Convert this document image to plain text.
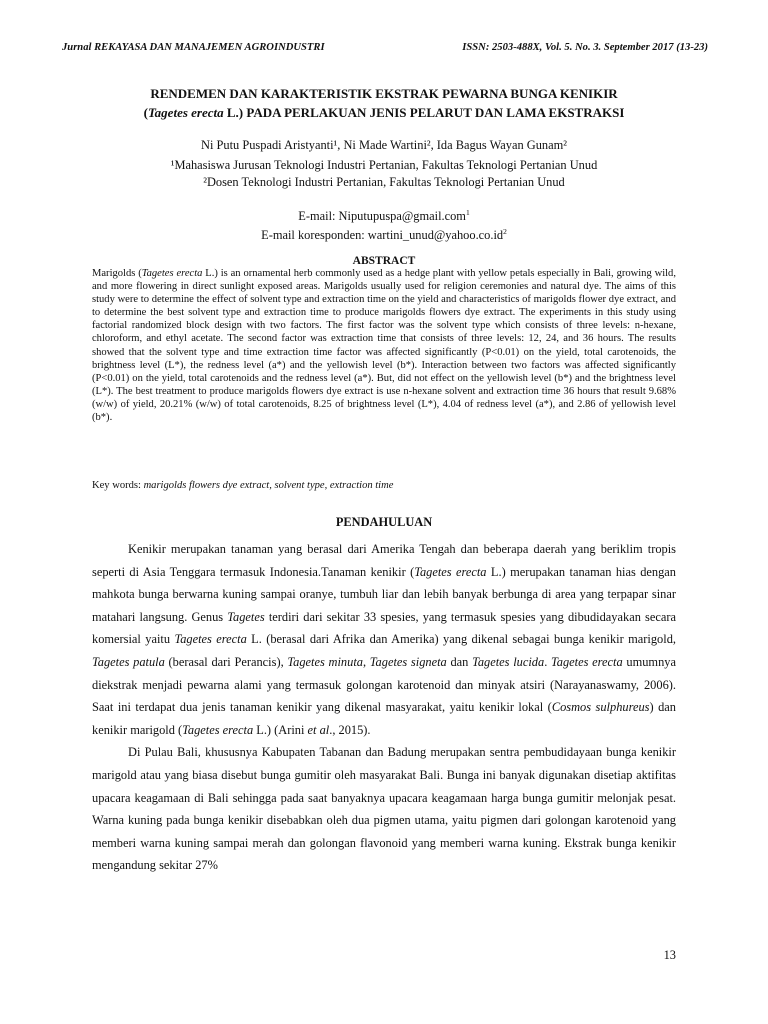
Jurnal REKAYASA DAN MANAJEMEN AGROINDUSTRI	ISSN: 2503-488X, Vol. 5. No. 3. September 2017 (13-23)
RENDEMEN DAN KARAKTERISTIK EKSTRAK PEWARNA BUNGA KENIKIR
(Tagetes erecta L.) PADA PERLAKUAN JENIS PELARUT DAN LAMA EKSTRAKSI
Ni Putu Puspadi Aristyanti¹, Ni Made Wartini², Ida Bagus Wayan Gunam²
¹Mahasiswa Jurusan Teknologi Industri Pertanian, Fakultas Teknologi Pertanian Unud
²Dosen Teknologi Industri Pertanian, Fakultas Teknologi Pertanian Unud
E-mail: Niputupuspa@gmail.com$^1$
E-mail koresponden: $wartini\_unud@yahoo.co.id^2$
ABSTRACT
Marigolds (Tagetes erecta L.) is an ornamental herb commonly used as a hedge plant with yellow petals especially in Bali, growing wild, and more flowering in direct sunlight exposed areas. Marigolds usually used for religion ceremonies and natural dye. The aims of this study were to determine the effect of solvent type and extraction time on the yield and characteristics of marigolds flower dye extract, and to determine the best solvent type and extraction time to produce marigolds flowers dye extract. The experiments in this study using factorial randomized block design with two factors. The first factor was the solvent type which consists of three levels: n-hexane, chloroform, and ethyl acetate. The second factor was extraction time that consists of three levels: 12, 24, and 36 hours. The results showed that the solvent type and time extraction time factor was affected significantly (P<0.01) on the yield, total carotenoids, the brightness level (L*), the redness level (a*) and the yellowish level (b*). Interaction between two factors was affected significantly (P<0.01) on the yield, total carotenoids and the redness level (a*). But, did not effect on the yellowish level (b*) and the brightness level (L*). The best treatment to produce marigolds flowers dye extract is use n-hexane solvent and extraction time 36 hours that result 9.68% (w/w) of yield, 20.21% (w/w) of total carotenoids, 8.25 of brightness level (L*), 4.04 of redness level (a*), and 2.86 of yellowish level (b*).
Key words: marigolds flowers dye extract, solvent type, extraction time
PENDAHULUAN

Kenikir merupakan tanaman yang berasal dari Amerika Tengah dan beberapa daerah yang beriklim tropis seperti di Asia Tenggara termasuk Indonesia.Tanaman kenikir (Tagetes erecta L.) merupakan tanaman hias dengan mahkota bunga berwarna kuning sampai oranye, tumbuh liar dan lebih banyak berbunga di area yang terpapar sinar matahari langsung. Genus Tagetes terdiri dari sekitar 33 spesies, yang termasuk spesies yang dibudidayakan secara komersial yaitu Tagetes erecta L. (berasal dari Afrika dan Amerika) yang dikenal sebagai bunga kenikir marigold, Tagetes patula (berasal dari Perancis), Tagetes minuta, Tagetes signeta dan Tagetes lucida. Tagetes erecta umumnya diekstrak menjadi pewarna alami yang termasuk golongan karotenoid dan minyak atsiri (Narayanaswamy, 2006). Saat ini terdapat dua jenis tanaman kenikir yang dikenal masyarakat, yaitu kenikir lokal (Cosmos sulphureus) dan kenikir marigold (Tagetes erecta L.) (Arini et al., 2015).

Di Pulau Bali, khususnya Kabupaten Tabanan dan Badung merupakan sentra pembudidayaan bunga kenikir marigold atau yang biasa disebut bunga gumitir oleh masyarakat Bali. Bunga ini banyak digunakan disetiap aktifitas upacara keagamaan di Bali sehingga pada saat banyaknya upacara keagamaan harga bunga gumitir melonjak pesat. Warna kuning pada bunga kenikir disebabkan oleh dua pigmen utama, yaitu pigmen dari golongan karotenoid yang memberi warna kuning sampai merah dan golongan flavonoid yang memberi warna kuning. Ekstrak bunga kenikir mengandung sekitar 27%

13
